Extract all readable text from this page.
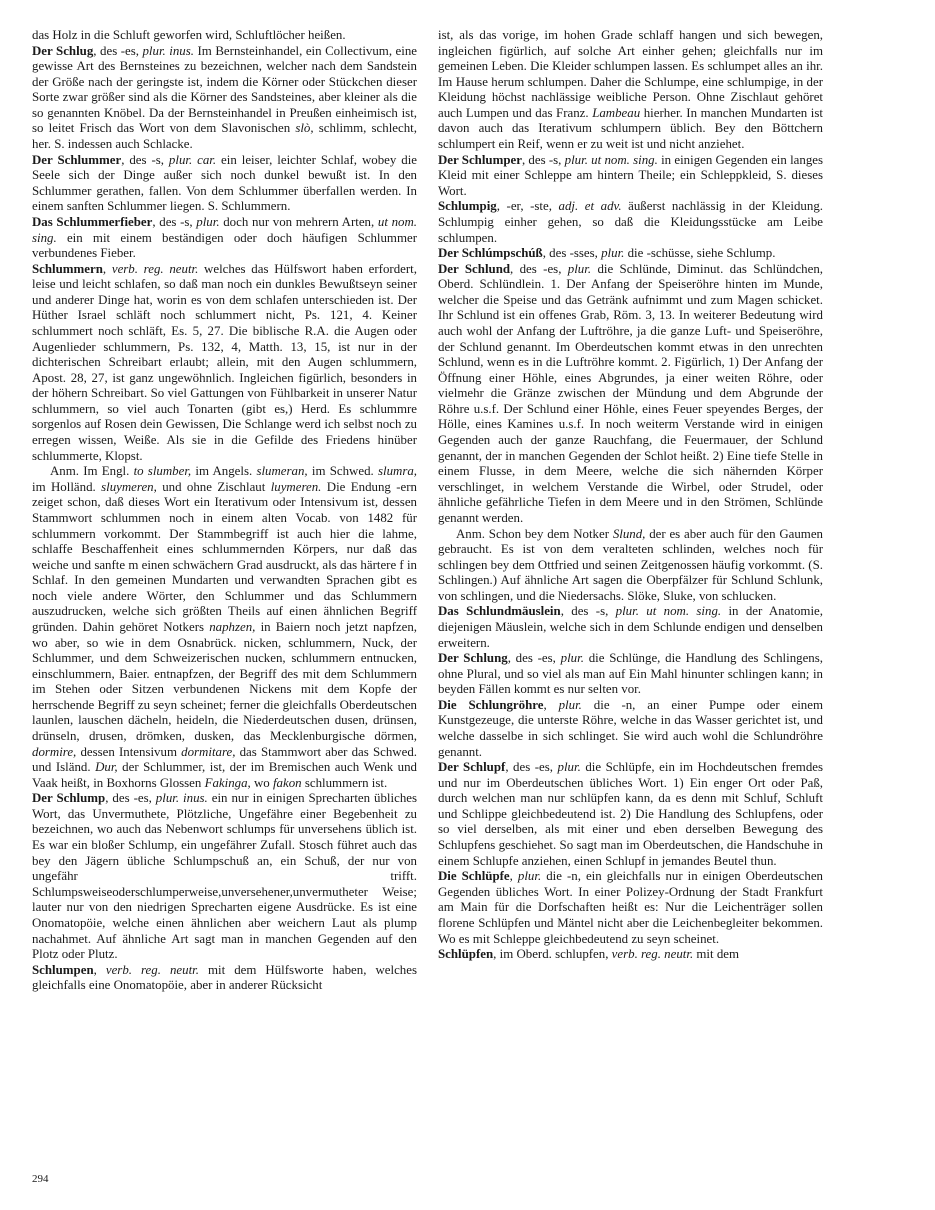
das Holz in die Schluft geworfen wird, Schluftlöcher heißen.

Der Schlug, des -es, plur. inus. Im Bernsteinhandel, ein Collectivum, eine gewisse Art des Bernsteines zu bezeichnen, welcher nach dem Sandstein der Größe nach der geringste ist, indem die Körner oder Stückchen dieser Sorte zwar größer sind als die Körner des Sandsteines, aber kleiner als die so genannten Knöbel. Da der Bernsteinhandel in Preußen einheimisch ist, so leitet Frisch das Wort von dem Slavonischen slò, schlimm, schlecht, her. S. indessen auch Schlacke.

Der Schlummer, des -s, plur. car. ein leiser, leichter Schlaf, wobey die Seele sich der Dinge außer sich noch dunkel bewußt ist. In den Schlummer gerathen, fallen. Von dem Schlummer überfallen werden. In einem sanften Schlummer liegen. S. Schlummern.

Das Schlummerfieber, des -s, plur. doch nur von mehrern Arten, ut nom. sing. ein mit einem beständigen oder doch häufigen Schlummer verbundenes Fieber.

Schlummern, verb. reg. neutr. welches das Hülfswort haben erfordert, leise und leicht schlafen, so daß man noch ein dunkles Bewußtseyn seiner und anderer Dinge hat, worin es von dem schlafen unterschieden ist. Der Hüther Israel schläft noch schlummert nicht, Ps. 121, 4. Keiner schlummert noch schläft, Es. 5, 27. Die biblische R.A. die Augen oder Augenlieder schlummern, Ps. 132, 4, Matth. 13, 15, ist nur in der dichterischen Schreibart erlaubt; allein, mit den Augen schlummern, Apost. 28, 27, ist ganz ungewöhnlich. Ingleichen figürlich, besonders in der höhern Schreibart. So viel Gattungen von Fühlbarkeit in unserer Natur schlummern, so viel auch Tonarten (gibt es,) Herd. Es schlummre sorgenlos auf Rosen dein Gewissen, Die Schlange werd ich selbst noch zu erregen wissen, Weiße. Als sie in die Gefilde des Friedens hinüber schlummerte, Klopst.

Anm. Im Engl. to slumber, im Angels. slumeran, im Schwed. slumra, im Holländ. sluymeren, und ohne Zischlaut luymeren. Die Endung -ern zeiget schon, daß dieses Wort ein Iterativum oder Intensivum ist, dessen Stammwort schlummen noch in einem alten Vocab. von 1482 für schlummern vorkommt. Der Stammbegriff ist auch hier die lahme, schlaffe Beschaffenheit eines schlummernden Körpers, nur daß das weiche und sanfte m einen schwächern Grad ausdruckt, als das härtere f in Schlaf. In den gemeinen Mundarten und verwandten Sprachen gibt es noch viele andere Wörter, den Schlummer und das Schlummern auszudrucken, welche sich größten Theils auf einen ähnlichen Begriff gründen. Dahin gehöret Notkers naphzen, in Baiern noch jetzt napfzen, wo aber, so wie in dem Osnabrück. nicken, schlummern, Nuck, der Schlummer, und dem Schweizerischen nucken, schlummern entnucken, einschlummern, Baier. entnapfzen, der Begriff des mit dem Schlummern im Stehen oder Sitzen verbundenen Nickens mit dem Kopfe der herrschende Begriff zu seyn scheinet; ferner die gleichfalls Oberdeutschen launlen, lauschen dächeln, heideln, die Niederdeutschen dusen, drünsen, drünseln, drusen, drömken, dusken, das Mecklenburgische dörmen, dormire, dessen Intensivum dormitare, das Stammwort aber das Schwed. und Isländ. Dur, der Schlummer, ist, der im Bremischen auch Wenk und Vaak heißt, in Boxhorns Glossen Fakinga, wo fakon schlummern ist.

Der Schlump, des -es, plur. inus. ein nur in einigen Sprecharten übliches Wort, das Unvermuthete, Plötzliche, Ungefähre einer Begebenheit zu bezeichnen, wo auch das Nebenwort schlumps für unversehens üblich ist. Es war ein bloßer Schlump, ein ungefährer Zufall. Stosch führet auch das bey den Jägern übliche Schlumpschuß an, ein Schuß, der nur von ungefähr trifft. Schlumpsweiseoderschlumperweise,unversehener,unvermutheter Weise; lauter nur von den niedrigen Sprecharten eigene Ausdrücke. Es ist eine Onomatopöie, welche einen ähnlichen aber weichern Laut als plump nachahmet. Auf ähnliche Art sagt man in manchen Gegenden auf den Plotz oder Plutz.

Schlumpen, verb. reg. neutr. mit dem Hülfsworte haben, welches gleichfalls eine Onomatopöie, aber in anderer Rücksicht

ist, als das vorige, im hohen Grade schlaff hangen und sich bewegen, ingleichen figürlich, auf solche Art einher gehen; gleichfalls nur im gemeinen Leben. Die Kleider schlumpen lassen. Es schlumpet alles an ihr. Im Hause herum schlumpen. Daher die Schlumpe, eine schlumpige, in der Kleidung höchst nachlässige weibliche Person. Ohne Zischlaut gehöret auch Lumpen und das Franz. Lambeau hierher. In manchen Mundarten ist davon auch das Iterativum schlumpern üblich. Bey den Böttchern schlumpert ein Reif, wenn er zu weit ist und nicht anziehet.

Der Schlumper, des -s, plur. ut nom. sing. in einigen Gegenden ein langes Kleid mit einer Schleppe am hintern Theile; ein Schleppkleid, S. dieses Wort.

Schlumpig, -er, -ste, adj. et adv. äußerst nachlässig in der Kleidung. Schlumpig einher gehen, so daß die Kleidungsstücke am Leibe schlumpen.

Der Schlúmpschúß, des -sses, plur. die -schüsse, siehe Schlump.

Der Schlund, des -es, plur. die Schlünde, Diminut. das Schlündchen, Oberd. Schlündlein. 1. Der Anfang der Speiseröhre hinten im Munde, welcher die Speise und das Getränk aufnimmt und zum Magen schicket. Ihr Schlund ist ein offenes Grab, Röm. 3, 13. In weiterer Bedeutung wird auch wohl der Anfang der Luftröhre, ja die ganze Luft- und Speiseröhre, der Schlund genannt. Im Oberdeutschen kommt etwas in den unrechten Schlund, wenn es in die Luftröhre kommt. 2. Figürlich, 1) Der Anfang der Öffnung einer Höhle, eines Abgrundes, ja einer weiten Röhre, oder vielmehr die Gränze zwischen der Mündung und dem Abgrunde der Röhre u.s.f. Der Schlund einer Höhle, eines Feuer speyendes Berges, der Hölle, eines Kamines u.s.f. In noch weiterm Verstande wird in einigen Gegenden auch der ganze Rauchfang, die Feuermauer, der Schlund genannt, der in manchen Gegenden der Schlot heißt. 2) Eine tiefe Stelle in einem Flusse, in dem Meere, welche die sich nähernden Körper verschlinget, in welchem Verstande die Wirbel, oder Strudel, oder ähnliche gefährliche Tiefen in dem Meere und in den Strömen, Schlünde genannt werden.

Anm. Schon bey dem Notker Slund, der es aber auch für den Gaumen gebraucht. Es ist von dem veralteten schlinden, welches noch für schlingen bey dem Ottfried und seinen Zeitgenossen häufig vorkommt. (S. Schlingen.) Auf ähnliche Art sagen die Oberpfälzer für Schlund Schlunk, von schlingen, und die Niedersachs. Slöke, Sluke, von schlucken.

Das Schlundmäuslein, des -s, plur. ut nom. sing. in der Anatomie, diejenigen Mäuslein, welche sich in dem Schlunde endigen und denselben erweitern.

Der Schlung, des -es, plur. die Schlünge, die Handlung des Schlingens, ohne Plural, und so viel als man auf Ein Mahl hinunter schlingen kann; in beyden Fällen kommt es nur selten vor.

Die Schlungröhre, plur. die -n, an einer Pumpe oder einem Kunstgezeuge, die unterste Röhre, welche in das Wasser gerichtet ist, und welche dasselbe in sich schlinget. Sie wird auch wohl die Schlundröhre genannt.

Der Schlupf, des -es, plur. die Schlüpfe, ein im Hochdeutschen fremdes und nur im Oberdeutschen übliches Wort. 1) Ein enger Ort oder Paß, durch welchen man nur schlüpfen kann, da es denn mit Schluf, Schluft und Schlippe gleichbedeutend ist. 2) Die Handlung des Schlupfens, oder so viel derselben, als mit einer und eben derselben Bewegung des Schlupfens geschiehet. So sagt man im Oberdeutschen, die Handschuhe in einem Schlupfe anziehen, einen Schlupf in jemandes Beutel thun.

Die Schlüpfe, plur. die -n, ein gleichfalls nur in einigen Oberdeutschen Gegenden übliches Wort. In einer Polizey-Ordnung der Stadt Frankfurt am Main für die Dorfschaften heißt es: Nur die Leichenträger sollen florene Schlüpfen und Mäntel nicht aber die Leichenbegleiter bekommen. Wo es mit Schleppe gleichbedeutend zu seyn scheinet.

Schlüpfen, im Oberd. schlupfen, verb. reg. neutr. mit dem

294
